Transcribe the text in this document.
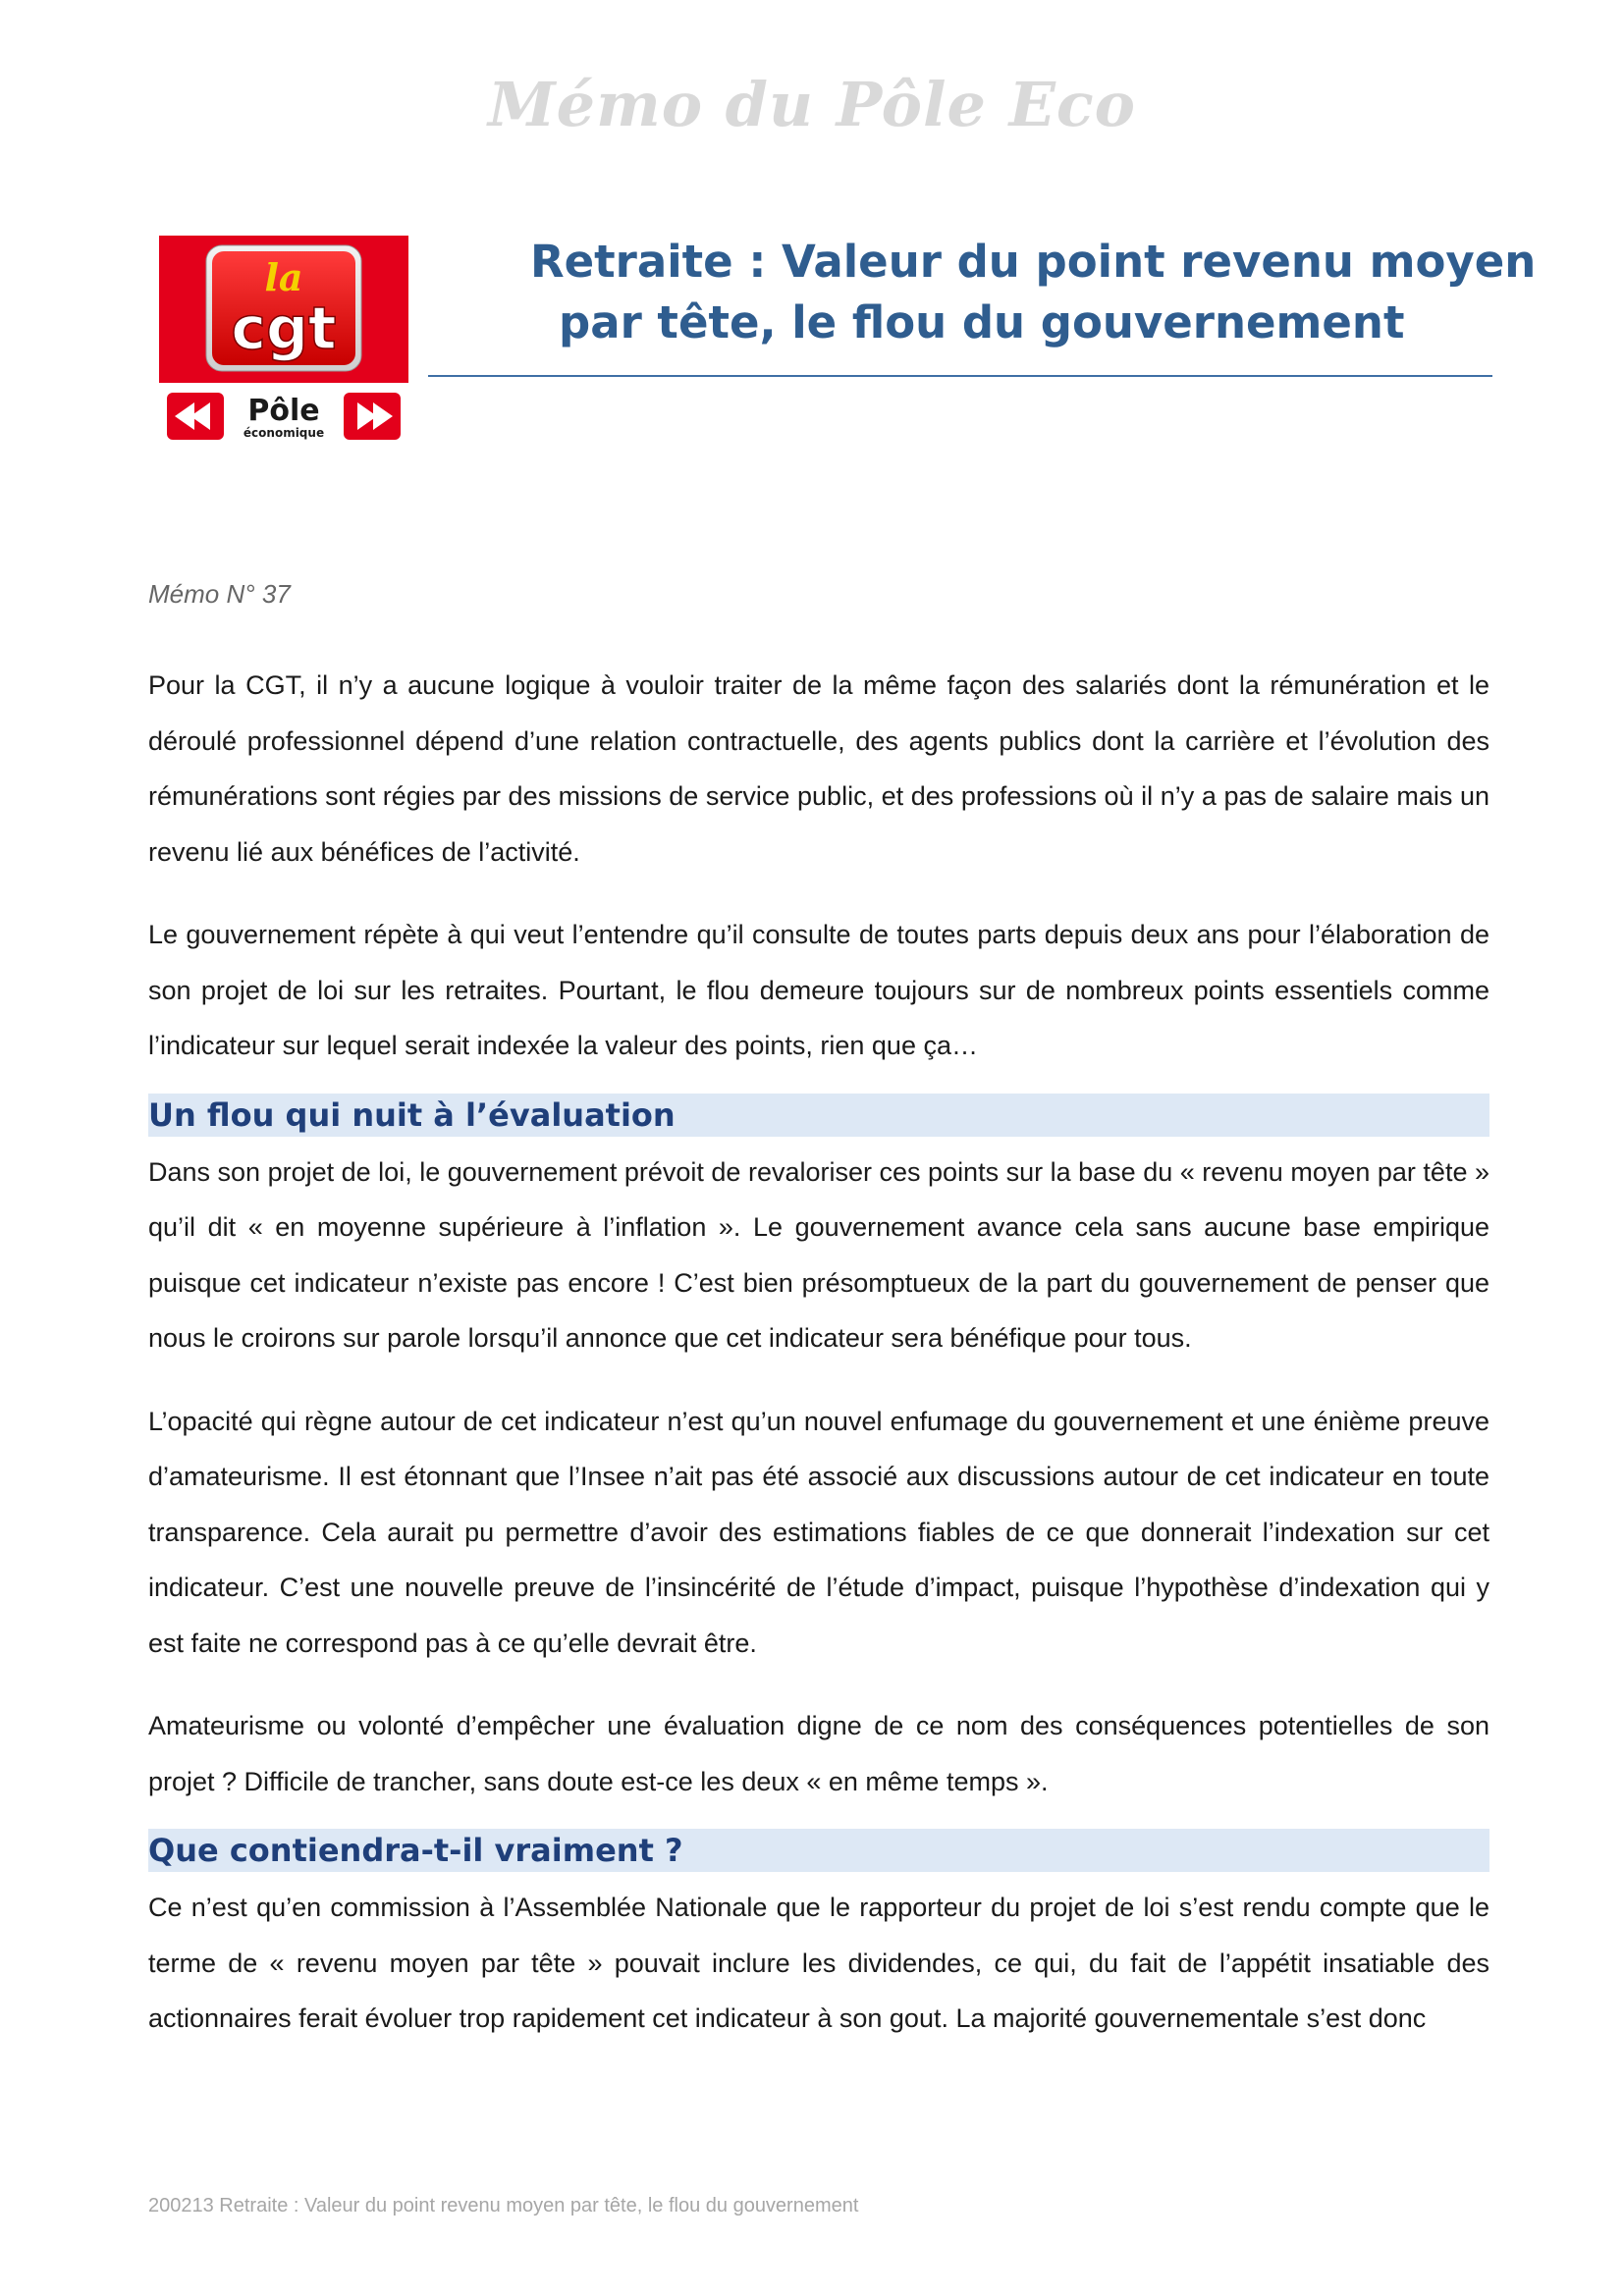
Mémo du Pôle Eco
la
cgt
Pôle
économique
Retraite : Valeur du point revenu moyen
par tête, le flou du gouvernement
Mémo N° 37

Pour la CGT, il n’y a aucune logique à vouloir traiter de la même façon des salariés dont la rémunération et le déroulé professionnel dépend d’une relation contractuelle, des agents publics dont la carrière et l’évolution des rémunérations sont régies par des missions de service public, et des professions où il n’y a pas de salaire mais un revenu lié aux bénéfices de l’activité.

Le gouvernement répète à qui veut l’entendre qu’il consulte de toutes parts depuis deux ans pour l’élaboration de son projet de loi sur les retraites. Pourtant, le flou demeure toujours sur de nombreux points essentiels comme l’indicateur sur lequel serait indexée la valeur des points, rien que ça…

Un flou qui nuit à l’évaluation

Dans son projet de loi, le gouvernement prévoit de revaloriser ces points sur la base du « revenu moyen par tête » qu’il dit « en moyenne supérieure à l’inflation ». Le gouvernement avance cela sans aucune base empirique puisque cet indicateur n’existe pas encore ! C’est bien présomptueux de la part du gouvernement de penser que nous le croirons sur parole lorsqu’il annonce que cet indicateur sera bénéfique pour tous.

L’opacité qui règne autour de cet indicateur n’est qu’un nouvel enfumage du gouvernement et une énième preuve d’amateurisme. Il est étonnant que l’Insee n’ait pas été associé aux discussions autour de cet indicateur en toute transparence. Cela aurait pu permettre d’avoir des estimations fiables de ce que donnerait l’indexation sur cet indicateur. C’est une nouvelle preuve de l’insincérité de l’étude d’impact, puisque l’hypothèse d’indexation qui y est faite ne correspond pas à ce qu’elle devrait être.

Amateurisme ou volonté d’empêcher une évaluation digne de ce nom des conséquences potentielles de son projet ? Difficile de trancher, sans doute est-ce les deux « en même temps ».

Que contiendra-t-il vraiment ?

Ce n’est qu’en commission à l’Assemblée Nationale que le rapporteur du projet de loi s’est rendu compte que le terme de « revenu moyen par tête » pouvait inclure les dividendes, ce qui, du fait de l’appétit insatiable des actionnaires ferait évoluer trop rapidement cet indicateur à son gout. La majorité gouvernementale s’est donc

200213 Retraite : Valeur du point revenu moyen par tête, le flou du gouvernement
